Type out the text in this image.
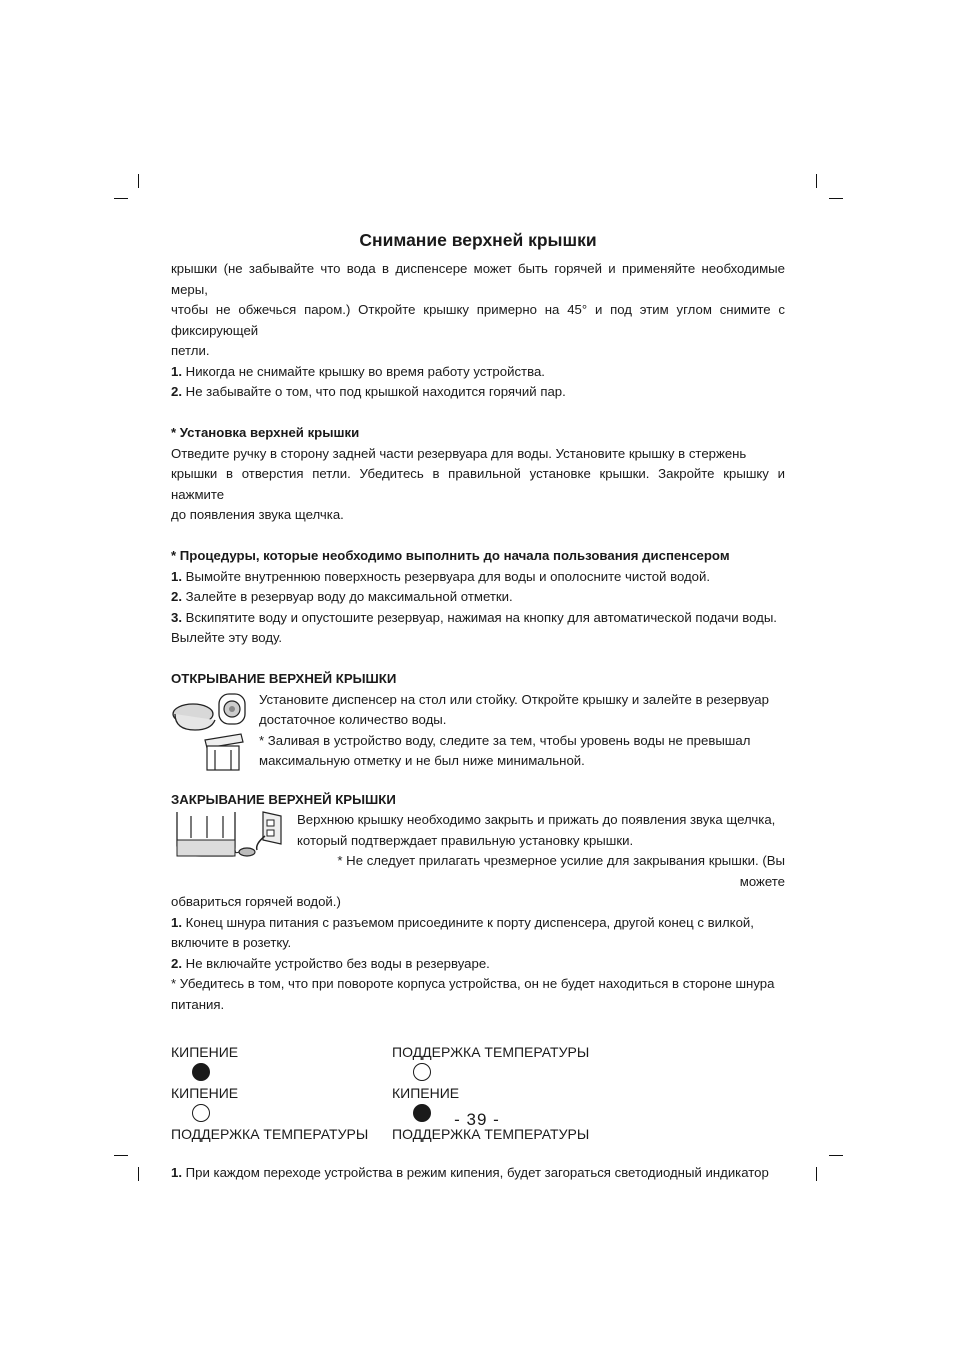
Снимание верхней крышки

крышки (не забывайте что вода в диспенсере может быть горячей и применяйте необходимые меры,

чтобы не обжечься паром.) Откройте крышку примерно на 45° и под этим углом снимите с фиксирующей

петли.

1. Никогда не снимайте крышку во время работу устройства.

2. Не забывайте о том, что под крышкой находится горячий пар.

* Установка верхней крышки

Отведите ручку в сторону задней части резервуара для воды. Установите крышку в стержень

крышки в отверстия петли. Убедитесь в правильной установке крышки. Закройте крышку и нажмите

до появления звука щелчка.

* Процедуры, которые необходимо выполнить до начала пользования диспенсером

1. Вымойте внутреннюю поверхность резервуара для воды и ополосните чистой водой.

2. Залейте в резервуар воду до максимальной отметки.

3. Вскипятите воду и опустошите резервуар, нажимая на кнопку для автоматической подачи воды.

Вылейте эту воду.

ОТКРЫВАНИЕ ВЕРХНЕЙ КРЫШКИ

Установите диспенсер на стол или стойку. Откройте крышку и залейте в резервуар

достаточное количество воды.

* Заливая в устройство воду, следите за тем, чтобы уровень воды не превышал

максимальную отметку и не был ниже минимальной.

ЗАКРЫВАНИЕ ВЕРХНЕЙ КРЫШКИ

Верхнюю крышку необходимо закрыть и прижать до появления звука щелчка,

который подтверждает правильную установку крышки.

* Не следует прилагать чрезмерное усилие для закрывания крышки. (Вы можете

обвариться горячей водой.)

1. Конец шнура питания с разъемом присоедините к порту диспенсера, другой конец с вилкой,

включите в розетку.

2. Не включайте устройство без воды в резервуаре.

* Убедитесь в том, что при повороте корпуса устройства, он не будет находиться в стороне шнура

питания.

КИПЕНИЕ
КИПЕНИЕ
ПОДДЕРЖКА ТЕМПЕРАТУРЫ
ПОДДЕРЖКА ТЕМПЕРАТУРЫ
КИПЕНИЕ
ПОДДЕРЖКА ТЕМПЕРАТУРЫ

1. При каждом переходе устройства в режим кипения, будет загораться светодиодный индикатор

- 39 -
